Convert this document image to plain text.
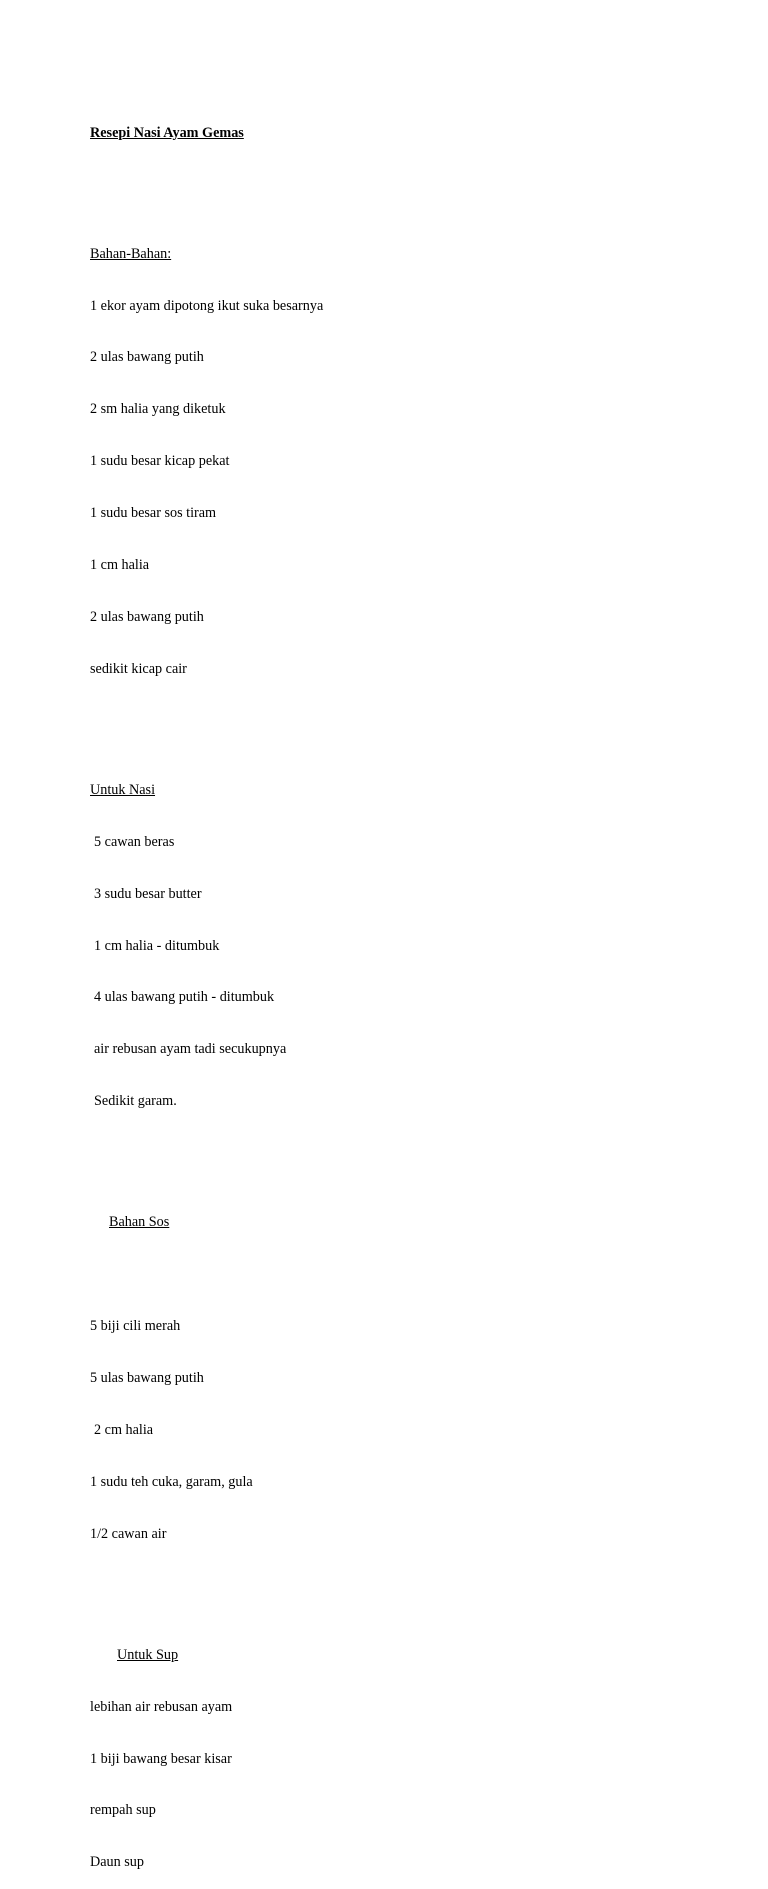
Resepi Nasi Ayam Gemas

Bahan-Bahan:

1 ekor ayam dipotong ikut suka besarnya

2 ulas bawang putih

2 sm halia yang diketuk

1 sudu besar kicap pekat

1 sudu besar sos tiram

1 cm halia

2 ulas bawang putih

sedikit kicap cair

Untuk Nasi

5 cawan beras

3 sudu besar butter

1 cm halia - ditumbuk

4 ulas bawang putih - ditumbuk

air rebusan ayam tadi secukupnya

Sedikit garam.

Bahan Sos

5 biji cili merah

5 ulas bawang putih

2 cm halia

1 sudu teh cuka, garam, gula

1/2 cawan air

Untuk Sup

lebihan air rebusan ayam

1 biji bawang besar kisar

rempah sup

Daun sup
